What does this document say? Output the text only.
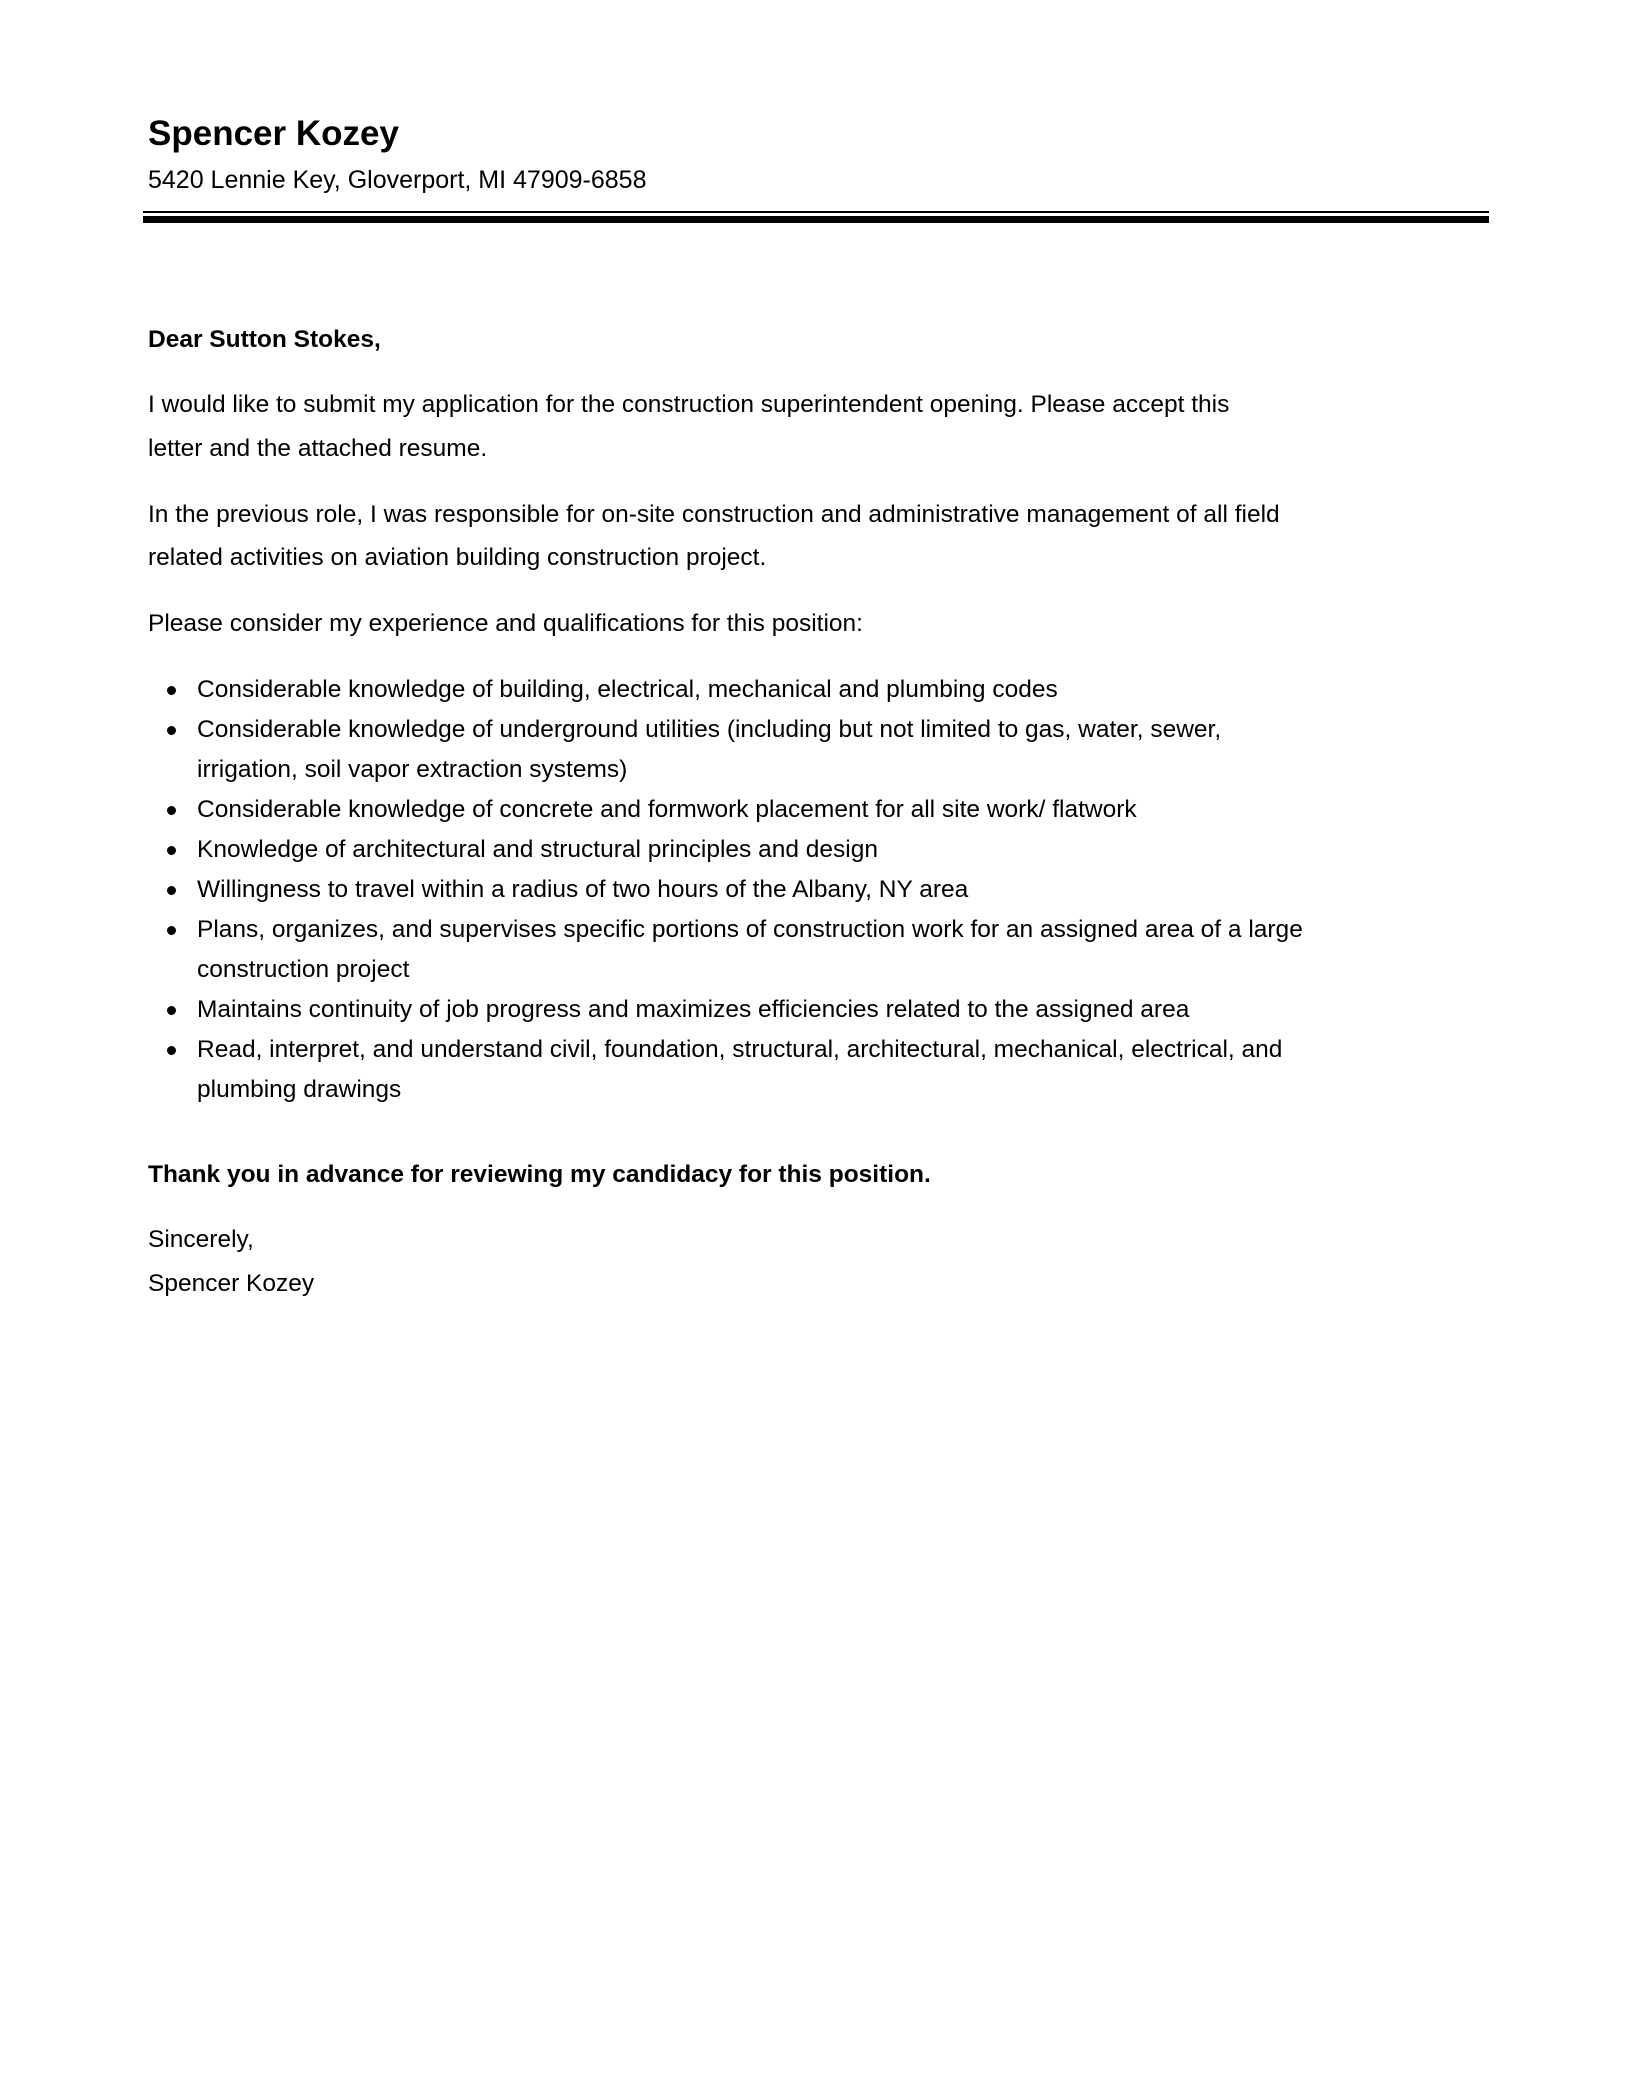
Spencer Kozey
5420 Lennie Key, Gloverport, MI 47909-6858
Dear Sutton Stokes,
I would like to submit my application for the construction superintendent opening. Please accept this
letter and the attached resume.
In the previous role, I was responsible for on-site construction and administrative management of all field
related activities on aviation building construction project.
Please consider my experience and qualifications for this position:
Considerable knowledge of building, electrical, mechanical and plumbing codes
Considerable knowledge of underground utilities (including but not limited to gas, water, sewer,
irrigation, soil vapor extraction systems)
Considerable knowledge of concrete and formwork placement for all site work/ flatwork
Knowledge of architectural and structural principles and design
Willingness to travel within a radius of two hours of the Albany, NY area
Plans, organizes, and supervises specific portions of construction work for an assigned area of a large
construction project
Maintains continuity of job progress and maximizes efficiencies related to the assigned area
Read, interpret, and understand civil, foundation, structural, architectural, mechanical, electrical, and
plumbing drawings
Thank you in advance for reviewing my candidacy for this position.
Sincerely,
Spencer Kozey
